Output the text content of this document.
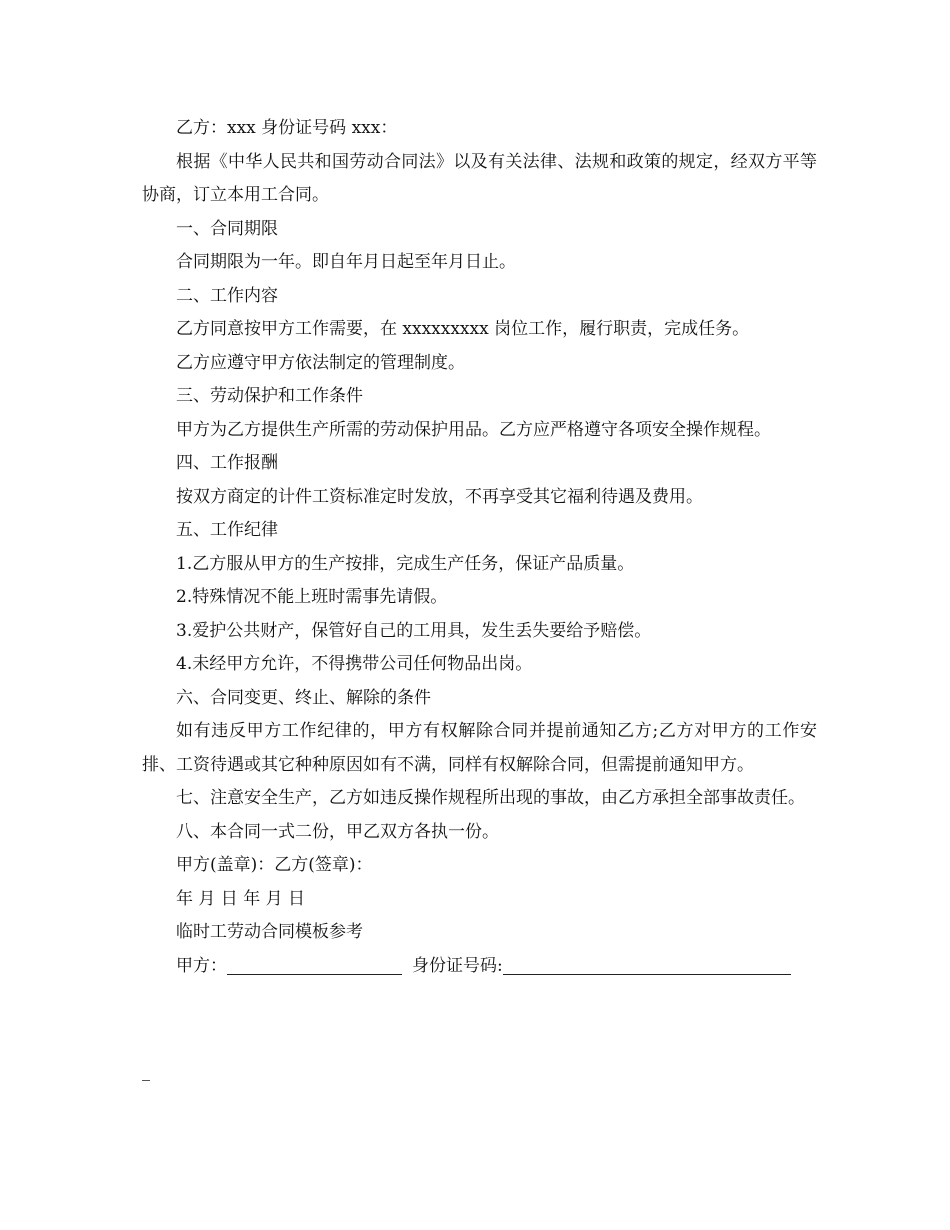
乙方：xxx 身份证号码 xxx：

根据《中华人民共和国劳动合同法》以及有关法律、法规和政策的规定，经双方平等协商，订立本用工合同。

一、合同期限

合同期限为一年。即自年月日起至年月日止。

二、工作内容

乙方同意按甲方工作需要，在 xxxxxxxxx 岗位工作，履行职责，完成任务。

乙方应遵守甲方依法制定的管理制度。

三、劳动保护和工作条件

甲方为乙方提供生产所需的劳动保护用品。乙方应严格遵守各项安全操作规程。

四、工作报酬

按双方商定的计件工资标准定时发放，不再享受其它福利待遇及费用。

五、工作纪律

1.乙方服从甲方的生产按排，完成生产任务，保证产品质量。

2.特殊情况不能上班时需事先请假。

3.爱护公共财产，保管好自己的工用具，发生丢失要给予赔偿。

4.未经甲方允许，不得携带公司任何物品出岗。

六、合同变更、终止、解除的条件

如有违反甲方工作纪律的，甲方有权解除合同并提前通知乙方;乙方对甲方的工作安排、工资待遇或其它种种原因如有不满，同样有权解除合同，但需提前通知甲方。

七、注意安全生产，乙方如违反操作规程所出现的事故，由乙方承担全部事故责任。

八、本合同一式二份，甲乙双方各执一份。

甲方(盖章)：乙方(签章)：

年 月 日 年 月 日

临时工劳动合同模板参考

甲方：	身份证号码:
